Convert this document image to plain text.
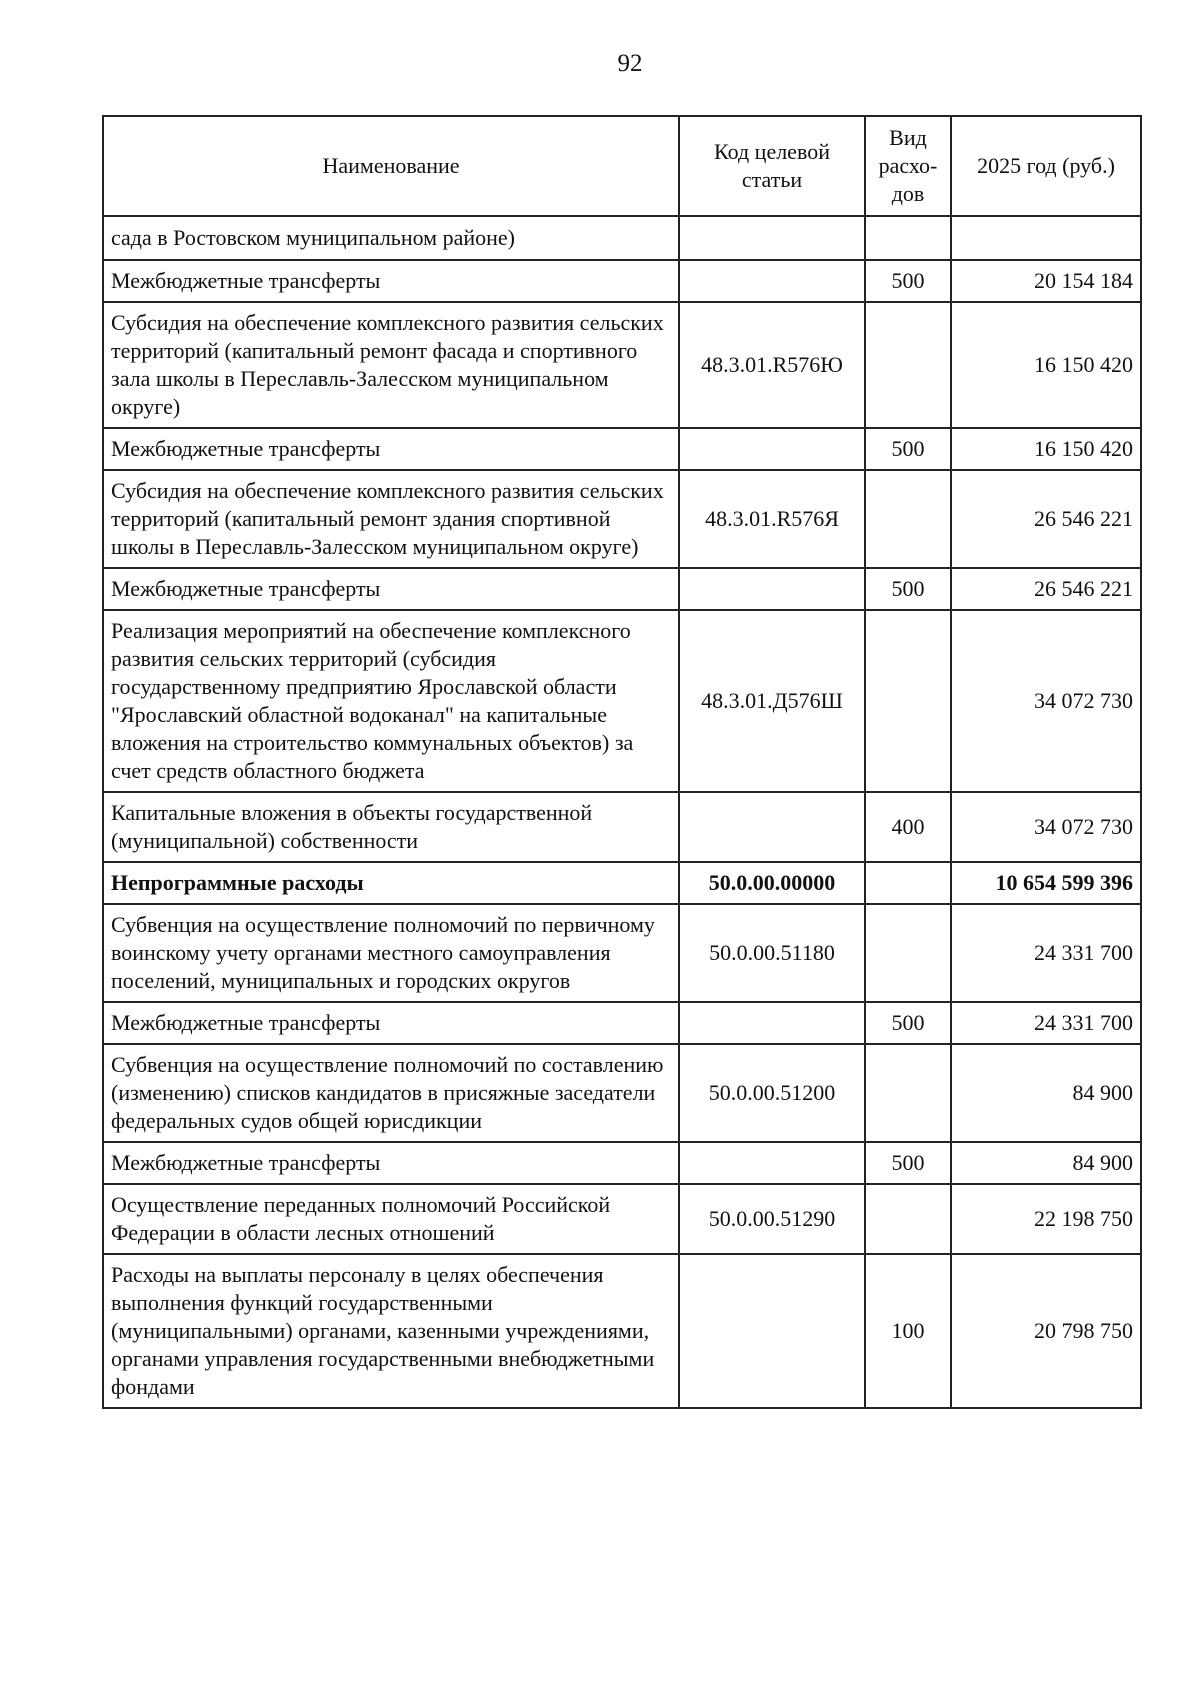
92
Наименование	Код целевой статьи	Вид расхо-дов	2025 год (руб.)
сада в Ростовском муниципальном районе)			
Межбюджетные трансферты		500	20 154 184
Субсидия на обеспечение комплексного развития сельских территорий (капитальный ремонт фасада и спортивного зала школы в Переславль-Залесском муниципальном округе)	48.3.01.R576Ю		16 150 420
Межбюджетные трансферты		500	16 150 420
Субсидия на обеспечение комплексного развития сельских территорий (капитальный ремонт здания спортивной школы в Переславль-Залесском муниципальном округе)	48.3.01.R576Я		26 546 221
Межбюджетные трансферты		500	26 546 221
Реализация мероприятий на обеспечение комплексного развития сельских территорий (субсидия государственному предприятию Ярославской области "Ярославский областной водоканал" на капитальные вложения на строительство коммунальных объектов) за счет средств областного бюджета	48.3.01.Д576Ш		34 072 730
Капитальные вложения в объекты государственной (муниципальной) собственности		400	34 072 730
Непрограммные расходы	50.0.00.00000		10 654 599 396
Субвенция на осуществление полномочий по первичному воинскому учету органами местного самоуправления поселений, муниципальных и городских округов	50.0.00.51180		24 331 700
Межбюджетные трансферты		500	24 331 700
Субвенция на осуществление полномочий по составлению (изменению) списков кандидатов в присяжные заседатели федеральных судов общей юрисдикции	50.0.00.51200		84 900
Межбюджетные трансферты		500	84 900
Осуществление переданных полномочий Российской Федерации в области лесных отношений	50.0.00.51290		22 198 750
Расходы на выплаты персоналу в целях обеспечения выполнения функций государственными (муниципальными) органами, казенными учреждениями, органами управления государственными внебюджетными фондами		100	20 798 750
